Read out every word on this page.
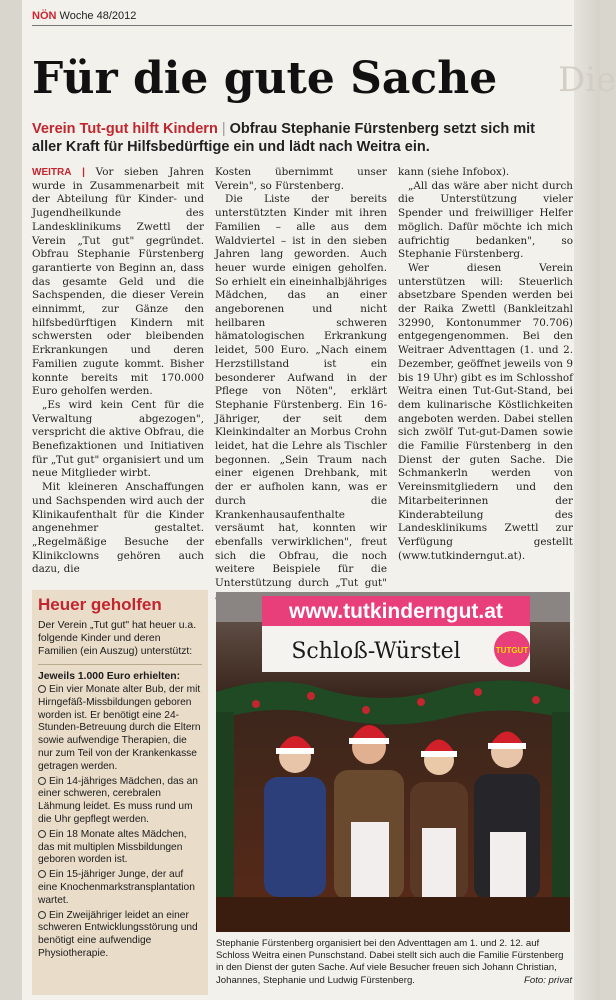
Die
NÖN Woche 48/2012
Für die gute Sache
Verein Tut-gut hilft Kindern | Obfrau Stephanie Fürstenberg setzt sich mit aller Kraft für Hilfsbedürftige ein und lädt nach Weitra ein.

WEITRA | Vor sieben Jahren wurde in Zusammenarbeit mit der Abteilung für Kinder- und Jugendheilkunde des Landesklinikums Zwettl der Verein „Tut gut" gegründet. Obfrau Stephanie Fürstenberg garantierte von Beginn an, dass das gesamte Geld und die Sachspenden, die dieser Verein einnimmt, zur Gänze den hilfsbedürftigen Kindern mit schwersten oder bleibenden Erkrankungen und deren Familien zugute kommt. Bisher konnte bereits mit 170.000 Euro geholfen werden.

„Es wird kein Cent für die Verwaltung abgezogen", verspricht die aktive Obfrau, die Benefizaktionen und Initiativen für „Tut gut" organisiert und um neue Mitglieder wirbt.

Mit kleineren Anschaffungen und Sachspenden wird auch der Klinikaufenthalt für die Kinder angenehmer gestaltet. „Regelmäßige Besuche der Klinikclowns gehören auch dazu, die

Kosten übernimmt unser Verein", so Fürstenberg.

Die Liste der bereits unterstützten Kinder mit ihren Familien – alle aus dem Waldviertel – ist in den sieben Jahren lang geworden. Auch heuer wurde einigen geholfen. So erhielt ein eineinhalbjähriges Mädchen, das an einer angeborenen und nicht heilbaren schweren hämatologischen Erkrankung leidet, 500 Euro. „Nach einem Herzstillstand ist ein besonderer Aufwand in der Pflege von Nöten", erklärt Stephanie Fürstenberg. Ein 16-Jähriger, der seit dem Kleinkindalter an Morbus Crohn leidet, hat die Lehre als Tischler begonnen. „Sein Traum nach einer eigenen Drehbank, mit der er aufholen kann, was er durch die Krankenhausaufenthalte versäumt hat, konnten wir ebenfalls verwirklichen", freut sich die Obfrau, die noch weitere Beispiele für die Unterstützung durch „Tut gut"

kann (siehe Infobox).

„All das wäre aber nicht durch die Unterstützung vieler Spender und freiwilliger Helfer möglich. Dafür möchte ich mich aufrichtig bedanken", so Stephanie Fürstenberg.

Wer diesen Verein unterstützen will: Steuerlich absetzbare Spenden werden bei der Raika Zwettl (Bankleitzahl 32990, Kontonummer 70.706) entgegengenommen. Bei den Weitraer Adventtagen (1. und 2. Dezember, geöffnet jeweils von 9 bis 19 Uhr) gibt es im Schlosshof Weitra einen Tut-Gut-Stand, bei dem kulinarische Köstlichkeiten angeboten werden. Dabei stellen sich zwölf Tut-gut-Damen sowie die Familie Fürstenberg in den Dienst der guten Sache. Die Schmankerln werden von Vereinsmitgliedern und den Mitarbeiterinnen der Kinderabteilung des Landesklinikums Zwettl zur Verfügung gestellt (www.tutkinderngut.at).

Heuer geholfen
Der Verein „Tut gut" hat heuer u.a. folgende Kinder und deren Familien (ein Auszug) unterstützt:
Jeweils 1.000 Euro erhielten:
Ein vier Monate alter Bub, der mit Hirngefäß-Missbildungen geboren worden ist. Er benötigt eine 24-Stunden-Betreuung durch die Eltern sowie aufwendige Therapien, die nur zum Teil von der Krankenkasse getragen werden.
Ein 14-jähriges Mädchen, das an einer schweren, cerebralen Lähmung leidet. Es muss rund um die Uhr gepflegt werden.
Ein 18 Monate altes Mädchen, das mit multiplen Missbildungen geboren worden ist.
Ein 15-jähriger Junge, der auf eine Knochenmarkstransplantation wartet.
Ein Zweijähriger leidet an einer schweren Entwicklungsstörung und benötigt eine aufwendige Physiotherapie.
www.tutkinderngut.at
Schloß-Würstel	TUTGUT
Stephanie Fürstenberg organisiert bei den Adventtagen am 1. und 2. 12. auf Schloss Weitra einen Punschstand. Dabei stellt sich auch die Familie Fürstenberg in den Dienst der guten Sache. Auf viele Besucher freuen sich Johann Christian, Johannes, Stephanie und Ludwig Fürstenberg.	Foto: privat
